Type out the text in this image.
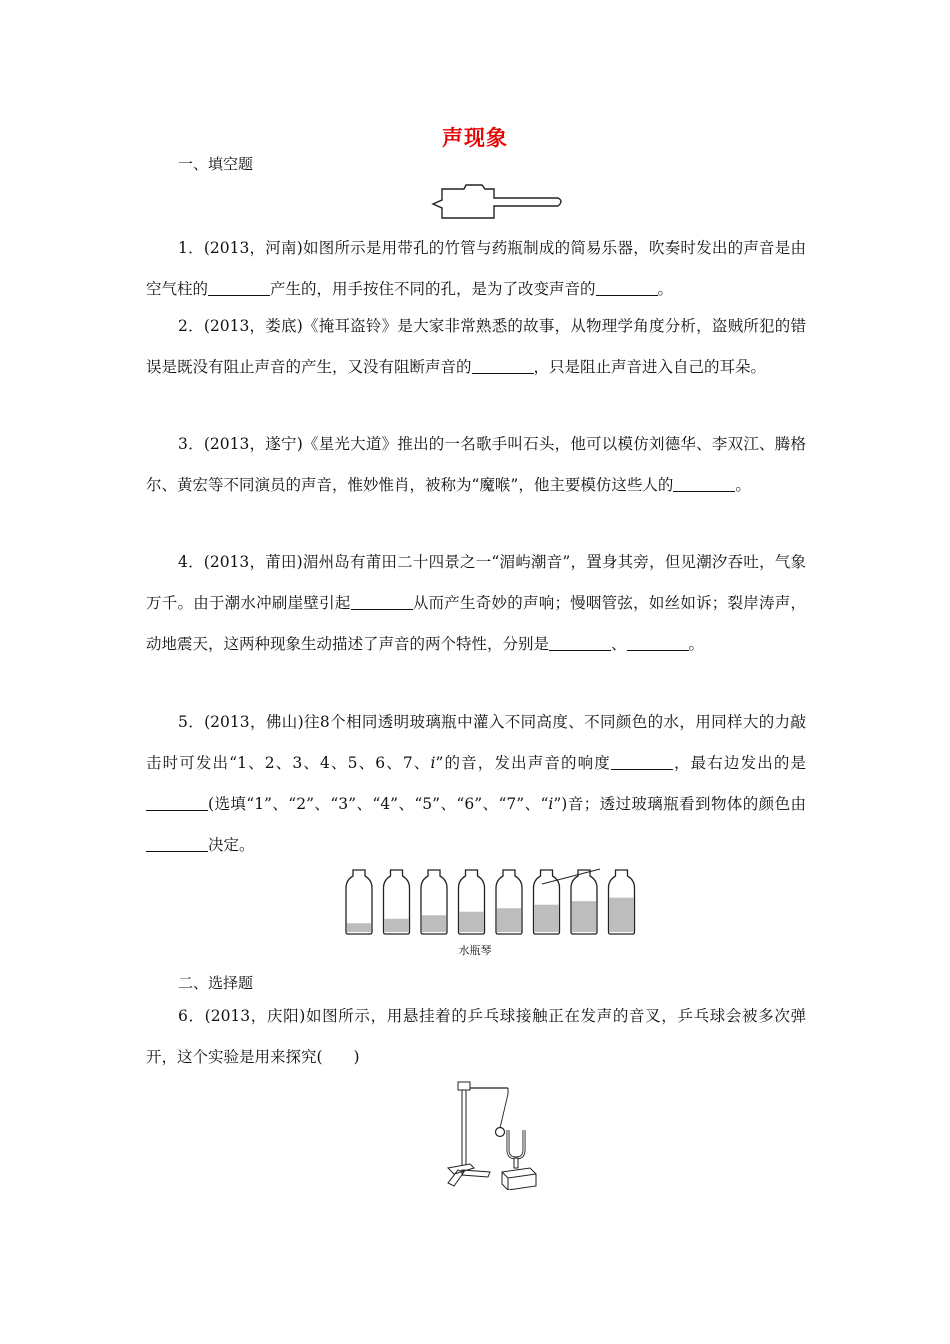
声现象
一、填空题
1．(2013，河南)如图所示是用带孔的竹管与药瓶制成的简易乐器，吹奏时发出的声音是由空气柱的	产生的，用手按住不同的孔，是为了改变声音的	。
2．(2013，娄底)《掩耳盗铃》是大家非常熟悉的故事，从物理学角度分析，盗贼所犯的错误是既没有阻止声音的产生，又没有阻断声音的	，只是阻止声音进入自己的耳朵。
3．(2013，遂宁)《星光大道》推出的一名歌手叫石头，他可以模仿刘德华、李双江、腾格尔、黄宏等不同演员的声音，惟妙惟肖，被称为“魔喉”，他主要模仿这些人的	。
4．(2013，莆田)湄州岛有莆田二十四景之一“湄屿潮音”，置身其旁，但见潮汐吞吐，气象万千。由于潮水冲刷崖壁引起	从而产生奇妙的声响；慢咽管弦，如丝如诉；裂岸涛声，动地震天，这两种现象生动描述了声音的两个特性，分别是	、	。
5．(2013，佛山)往8个相同透明玻璃瓶中灌入不同高度、不同颜色的水，用同样大的力敲击时可发出“1、2、3、4、5、6、7、i”的音，发出声音的响度	，最右边发出的是(选填“1”、“2”、“3”、“4”、“5”、“6”、“7”、“i”)音；透过玻璃瓶看到物体的颜色由决定。
水瓶琴
二、选择题
6．(2013，庆阳)如图所示，用悬挂着的乒乓球接触正在发声的音叉，乒乓球会被多次弹开，这个实验是用来探究(　　)
